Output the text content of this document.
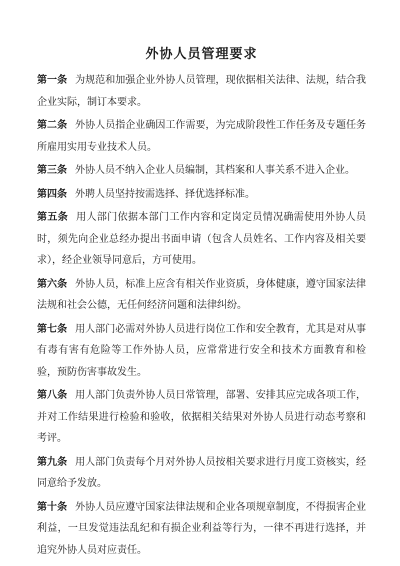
外协人员管理要求

第一条 为规范和加强企业外协人员管理，现依据相关法律、法规，结合我企业实际，制订本要求。

第二条 外协人员指企业确因工作需要，为完成阶段性工作任务及专题任务所雇用实用专业技术人员。

第三条 外协人员不纳入企业人员编制，其档案和人事关系不进入企业。

第四条 外聘人员坚持按需选择、择优选择标准。

第五条 用人部门依据本部门工作内容和定岗定员情况确需使用外协人员时，须先向企业总经办提出书面申请（包含人员姓名、工作内容及相关要求），经企业领导同意后，方可使用。

第六条 外协人员，标准上应含有相关作业资质，身体健康，遵守国家法律法规和社会公德，无任何经济问题和法律纠纷。

第七条 用人部门必需对外协人员进行岗位工作和安全教育，尤其是对从事有毒有害有危险等工作外协人员，应常常进行安全和技术方面教育和检验，预防伤害事故发生。

第八条 用人部门负责外协人员日常管理，部署、安排其应完成各项工作，并对工作结果进行检验和验收，依据相关结果对外协人员进行动态考察和考评。

第九条 用人部门负责每个月对外协人员按相关要求进行月度工资核实，经同意给予发放。

第十条 外协人员应遵守国家法律法规和企业各项规章制度，不得损害企业利益，一旦发觉违法乱纪和有损企业利益等行为，一律不再进行选择，并追究外协人员对应责任。
